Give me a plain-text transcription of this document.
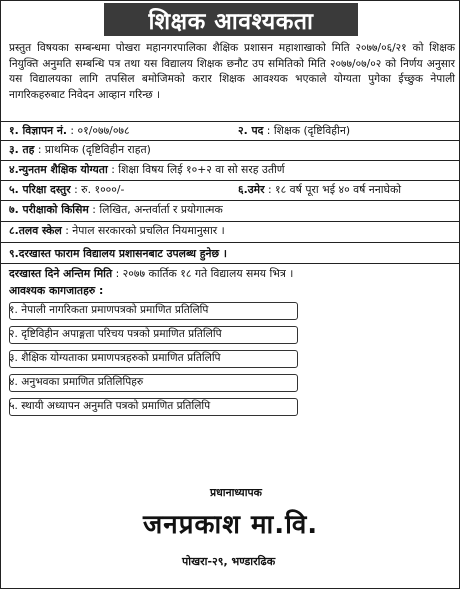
शिक्षक आवश्यकता
प्रस्तुत विषयका सम्बन्धमा पोखरा महानगरपालिका शैक्षिक प्रशासन महाशाखाको मिति २०७७/०६/२१ को शिक्षक नियुक्ति अनुमति सम्बन्धि पत्र तथा यस विद्यालय शिक्षक छनौट उप समितिको मिति २०७७/०७/०२ को निर्णय अनुसार यस विद्यालयका लागि तपसिल बमोजिमको करार शिक्षक आवश्यक भएकाले योग्यता पुगेका ईच्छुक नेपाली नागरिकहरुबाट निवेदन आव्हान गरिन्छ ।
१. विज्ञापन नं. : ०१/०७७/०७८	२. पद : शिक्षक (दृष्टिविहीन)
३. तह : प्राथमिक (दृष्टिविहीन राहत)
४.न्युनतम शैक्षिक योग्यता : शिक्षा विषय लिई १०+२ वा सो सरह उतीर्ण
५. परिक्षा दस्तुर : रु. १०००/-	६.उमेर : १८ वर्ष पूरा भई ४० वर्ष ननाघेको
७. परीक्षाको किसिम : लिखित, अन्तर्वार्ता र प्रयोगात्मक
८.तलव स्केल : नेपाल सरकारको प्रचलित नियमानुसार ।
९.दरखास्त फाराम विद्यालय प्रशासनबाट उपलब्ध हुनेछ ।
दरखास्त दिने अन्तिम मिति : २०७७ कार्तिक १८ गते विद्यालय समय भित्र ।
आवश्यक कागजातहरु :
१. नेपाली नागरिकता प्रमाणपत्रको प्रमाणित प्रतिलिपि
२. दृष्टिविहीन अपाङ्गता परिचय पत्रको प्रमाणित प्रतिलिपि
३. शैक्षिक योग्यताका प्रमाणपत्रहरुको प्रमाणित प्रतिलिपि
४. अनुभवका प्रमाणित प्रतिलिपिहरु
५. स्थायी अध्यापन अनुमति पत्रको प्रमाणित प्रतिलिपि
प्रधानाध्यापक
जनप्रकाश मा.वि.
पोखरा-२९, भण्डारढिक
